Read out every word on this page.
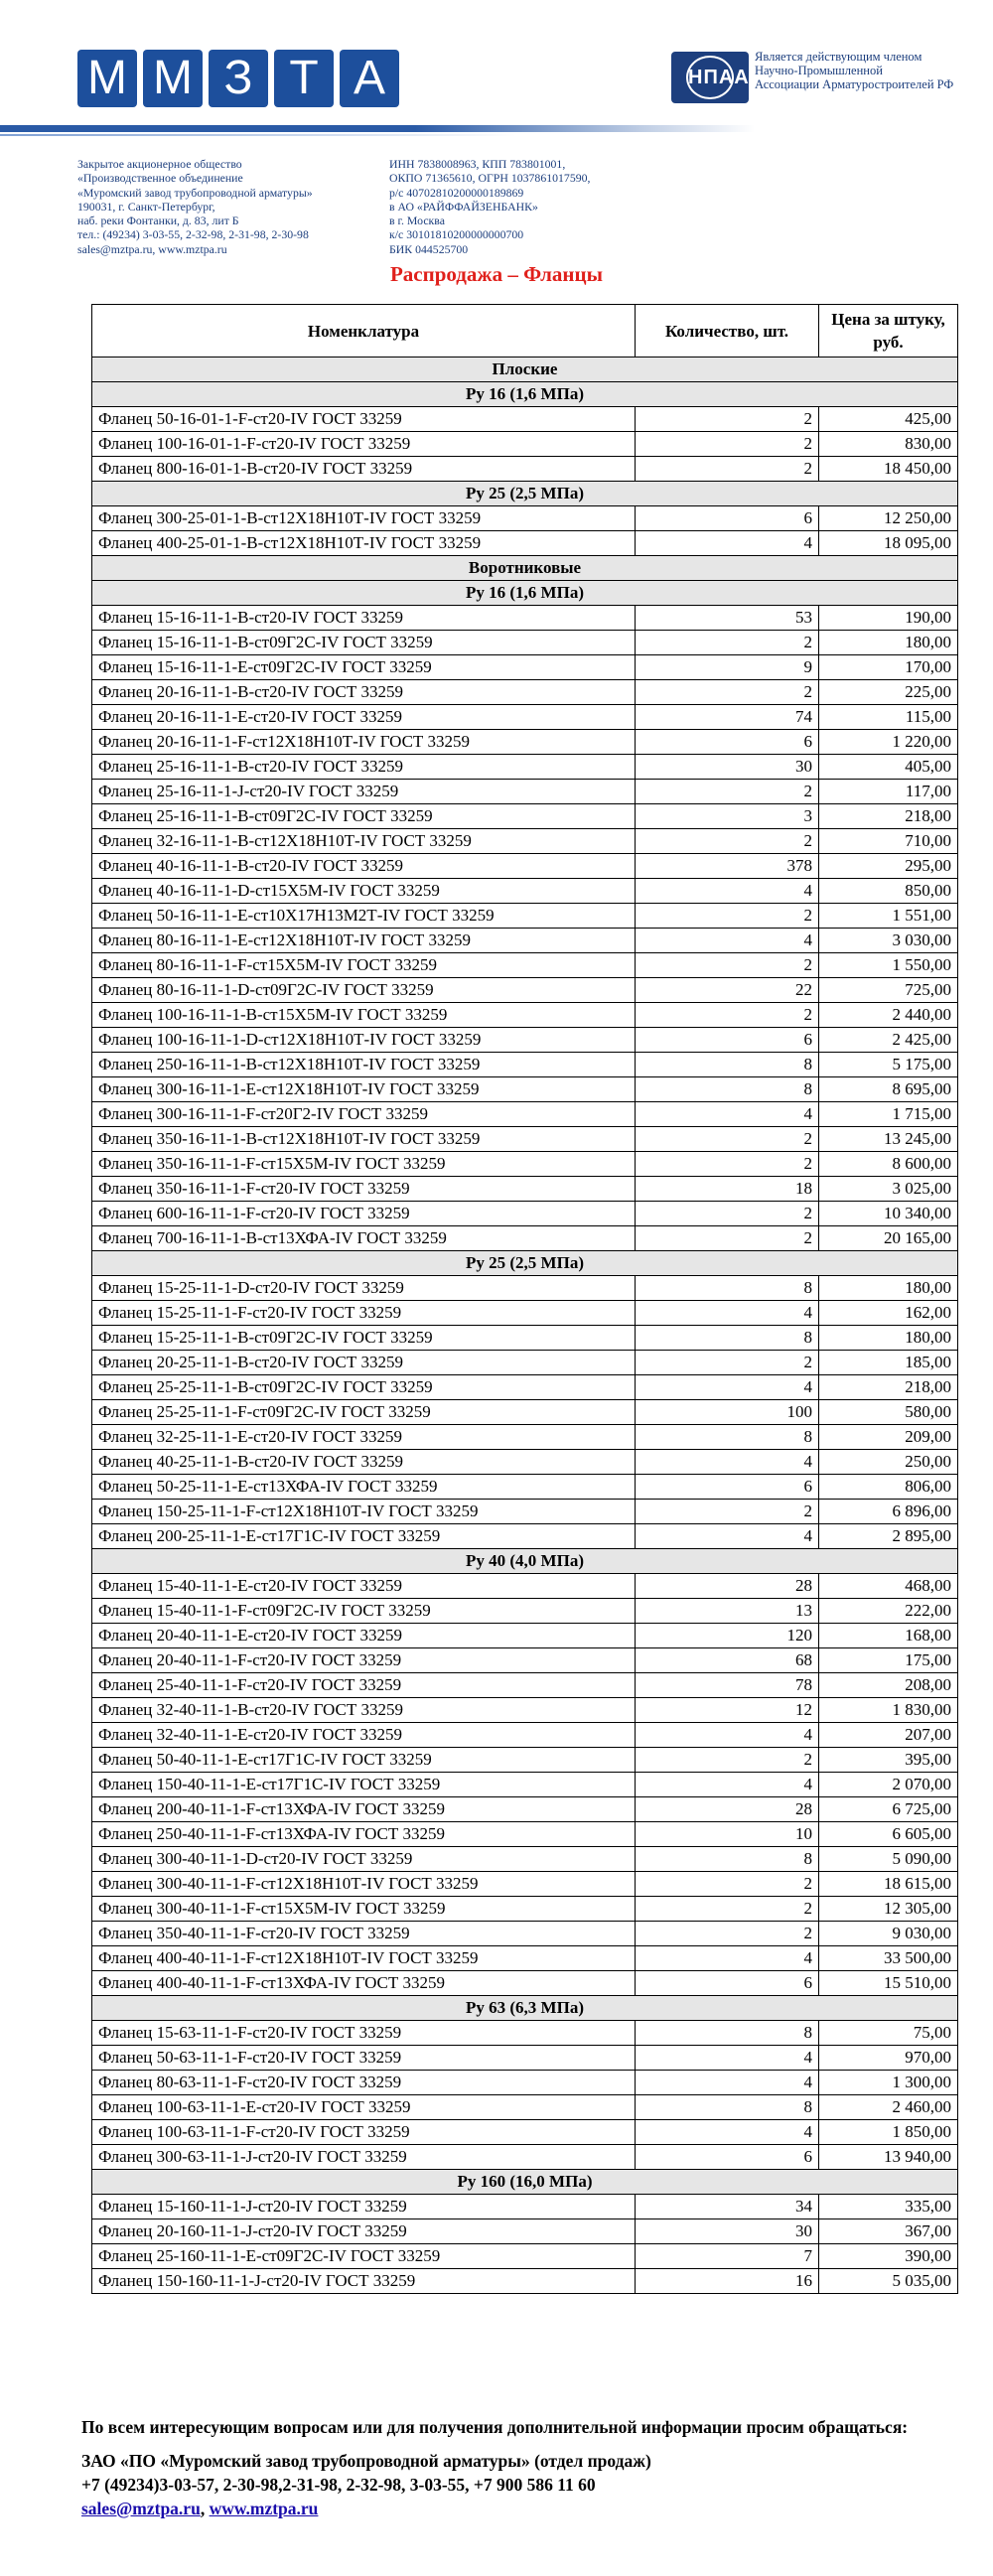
М М З Т А	НПАА
Является действующим членом
Научно-Промышленной
Ассоциации Арматуростроителей РФ
Закрытое акционерное общество
«Производственное объединение
«Муромский завод трубопроводной арматуры»
190031, г. Санкт-Петербург,
наб. реки Фонтанки, д. 83, лит Б
тел.: (49234) 3-03-55, 2-32-98, 2-31-98, 2-30-98
sales@mztpa.ru, www.mztpa.ru
ИНН 7838008963, КПП 783801001,
ОКПО 71365610, ОГРН 1037861017590,
р/с 40702810200000189869
в АО «РАЙФФАЙЗЕНБАНК»
в г. Москва
к/с 30101810200000000700
БИК 044525700
Распродажа – Фланцы
Номенклатура	Количество, шт.	Цена за штуку, руб.
Плоские		
Ру 16 (1,6 МПа)		
Фланец 50-16-01-1-F-ст20-IV ГОСТ 33259	2	425,00
Фланец 100-16-01-1-F-ст20-IV ГОСТ 33259	2	830,00
Фланец 800-16-01-1-B-ст20-IV ГОСТ 33259	2	18 450,00
Ру 25 (2,5 МПа)		
Фланец 300-25-01-1-B-ст12Х18Н10Т-IV ГОСТ 33259	6	12 250,00
Фланец 400-25-01-1-B-ст12Х18Н10Т-IV ГОСТ 33259	4	18 095,00
Воротниковые		
Ру 16 (1,6 МПа)		
Фланец 15-16-11-1-B-ст20-IV ГОСТ 33259	53	190,00
Фланец 15-16-11-1-B-ст09Г2С-IV ГОСТ 33259	2	180,00
Фланец 15-16-11-1-E-ст09Г2С-IV ГОСТ 33259	9	170,00
Фланец 20-16-11-1-B-ст20-IV ГОСТ 33259	2	225,00
Фланец 20-16-11-1-E-ст20-IV ГОСТ 33259	74	115,00
Фланец 20-16-11-1-F-ст12Х18Н10Т-IV ГОСТ 33259	6	1 220,00
Фланец 25-16-11-1-B-ст20-IV ГОСТ 33259	30	405,00
Фланец 25-16-11-1-J-ст20-IV ГОСТ 33259	2	117,00
Фланец 25-16-11-1-B-ст09Г2С-IV ГОСТ 33259	3	218,00
Фланец 32-16-11-1-B-ст12Х18Н10Т-IV ГОСТ 33259	2	710,00
Фланец 40-16-11-1-B-ст20-IV ГОСТ 33259	378	295,00
Фланец 40-16-11-1-D-ст15Х5М-IV ГОСТ 33259	4	850,00
Фланец 50-16-11-1-E-ст10Х17Н13М2Т-IV ГОСТ 33259	2	1 551,00
Фланец 80-16-11-1-E-ст12Х18Н10Т-IV ГОСТ 33259	4	3 030,00
Фланец 80-16-11-1-F-ст15Х5М-IV ГОСТ 33259	2	1 550,00
Фланец 80-16-11-1-D-ст09Г2С-IV ГОСТ 33259	22	725,00
Фланец 100-16-11-1-B-ст15Х5М-IV ГОСТ 33259	2	2 440,00
Фланец 100-16-11-1-D-ст12Х18Н10Т-IV ГОСТ 33259	6	2 425,00
Фланец 250-16-11-1-B-ст12Х18Н10Т-IV ГОСТ 33259	8	5 175,00
Фланец 300-16-11-1-E-ст12Х18Н10Т-IV ГОСТ 33259	8	8 695,00
Фланец 300-16-11-1-F-ст20Г2-IV ГОСТ 33259	4	1 715,00
Фланец 350-16-11-1-B-ст12Х18Н10Т-IV ГОСТ 33259	2	13 245,00
Фланец 350-16-11-1-F-ст15Х5М-IV ГОСТ 33259	2	8 600,00
Фланец 350-16-11-1-F-ст20-IV ГОСТ 33259	18	3 025,00
Фланец 600-16-11-1-F-ст20-IV ГОСТ 33259	2	10 340,00
Фланец 700-16-11-1-B-ст13ХФА-IV ГОСТ 33259	2	20 165,00
Ру 25 (2,5 МПа)		
Фланец 15-25-11-1-D-ст20-IV ГОСТ 33259	8	180,00
Фланец 15-25-11-1-F-ст20-IV ГОСТ 33259	4	162,00
Фланец 15-25-11-1-B-ст09Г2С-IV ГОСТ 33259	8	180,00
Фланец 20-25-11-1-B-ст20-IV ГОСТ 33259	2	185,00
Фланец 25-25-11-1-B-ст09Г2С-IV ГОСТ 33259	4	218,00
Фланец 25-25-11-1-F-ст09Г2С-IV ГОСТ 33259	100	580,00
Фланец 32-25-11-1-E-ст20-IV ГОСТ 33259	8	209,00
Фланец 40-25-11-1-B-ст20-IV ГОСТ 33259	4	250,00
Фланец 50-25-11-1-E-ст13ХФА-IV ГОСТ 33259	6	806,00
Фланец 150-25-11-1-F-ст12Х18Н10Т-IV ГОСТ 33259	2	6 896,00
Фланец 200-25-11-1-E-ст17Г1С-IV ГОСТ 33259	4	2 895,00
Ру 40 (4,0 МПа)		
Фланец 15-40-11-1-E-ст20-IV ГОСТ 33259	28	468,00
Фланец 15-40-11-1-F-ст09Г2С-IV ГОСТ 33259	13	222,00
Фланец 20-40-11-1-E-ст20-IV ГОСТ 33259	120	168,00
Фланец 20-40-11-1-F-ст20-IV ГОСТ 33259	68	175,00
Фланец 25-40-11-1-F-ст20-IV ГОСТ 33259	78	208,00
Фланец 32-40-11-1-B-ст20-IV ГОСТ 33259	12	1 830,00
Фланец 32-40-11-1-E-ст20-IV ГОСТ 33259	4	207,00
Фланец 50-40-11-1-E-ст17Г1С-IV ГОСТ 33259	2	395,00
Фланец 150-40-11-1-E-ст17Г1С-IV ГОСТ 33259	4	2 070,00
Фланец 200-40-11-1-F-ст13ХФА-IV ГОСТ 33259	28	6 725,00
Фланец 250-40-11-1-F-ст13ХФА-IV ГОСТ 33259	10	6 605,00
Фланец 300-40-11-1-D-ст20-IV ГОСТ 33259	8	5 090,00
Фланец 300-40-11-1-F-ст12Х18Н10Т-IV ГОСТ 33259	2	18 615,00
Фланец 300-40-11-1-F-ст15Х5М-IV ГОСТ 33259	2	12 305,00
Фланец 350-40-11-1-F-ст20-IV ГОСТ 33259	2	9 030,00
Фланец 400-40-11-1-F-ст12Х18Н10Т-IV ГОСТ 33259	4	33 500,00
Фланец 400-40-11-1-F-ст13ХФА-IV ГОСТ 33259	6	15 510,00
Ру 63 (6,3 МПа)		
Фланец 15-63-11-1-F-ст20-IV ГОСТ 33259	8	75,00
Фланец 50-63-11-1-F-ст20-IV ГОСТ 33259	4	970,00
Фланец 80-63-11-1-F-ст20-IV ГОСТ 33259	4	1 300,00
Фланец 100-63-11-1-E-ст20-IV ГОСТ 33259	8	2 460,00
Фланец 100-63-11-1-F-ст20-IV ГОСТ 33259	4	1 850,00
Фланец 300-63-11-1-J-ст20-IV ГОСТ 33259	6	13 940,00
Ру 160 (16,0 МПа)		
Фланец 15-160-11-1-J-ст20-IV ГОСТ 33259	34	335,00
Фланец 20-160-11-1-J-ст20-IV ГОСТ 33259	30	367,00
Фланец 25-160-11-1-E-ст09Г2С-IV ГОСТ 33259	7	390,00
Фланец 150-160-11-1-J-ст20-IV ГОСТ 33259	16	5 035,00
По всем интересующим вопросам или для получения дополнительной информации просим обращаться:
ЗАО «ПО «Муромский завод трубопроводной арматуры» (отдел продаж)
+7 (49234)3-03-57, 2-30-98,2-31-98, 2-32-98, 3-03-55, +7 900 586 11 60
sales@mztpa.ru, www.mztpa.ru
